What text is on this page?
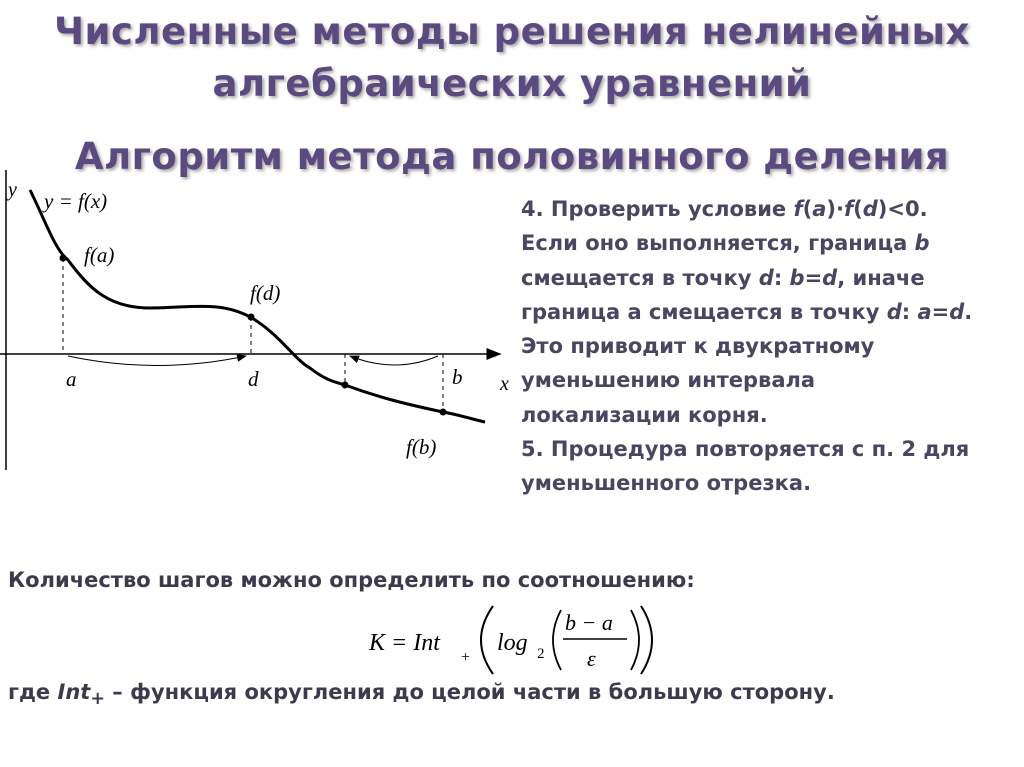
Численные методы решения нелинейных
алгебраических уравнений
Алгоритм метода половинного деления
y
x
y = f(x)
f(a)
f(d)
f(b)
a	d	b
4. Проверить условие f(a)·f(d)<0.
Если оно выполняется, граница b
смещается в точку d: b=d, иначе
граница а смещается в точку d: a=d.
Это приводит к двукратному
уменьшению интервала
локализации корня.
5. Процедура повторяется с п. 2 для
уменьшенного отрезка.
Количество шагов можно определить по соотношению:
K = Int
+
log 2
b − a
ε
где Int$_+$ – функция округления до целой части в большую сторону.
